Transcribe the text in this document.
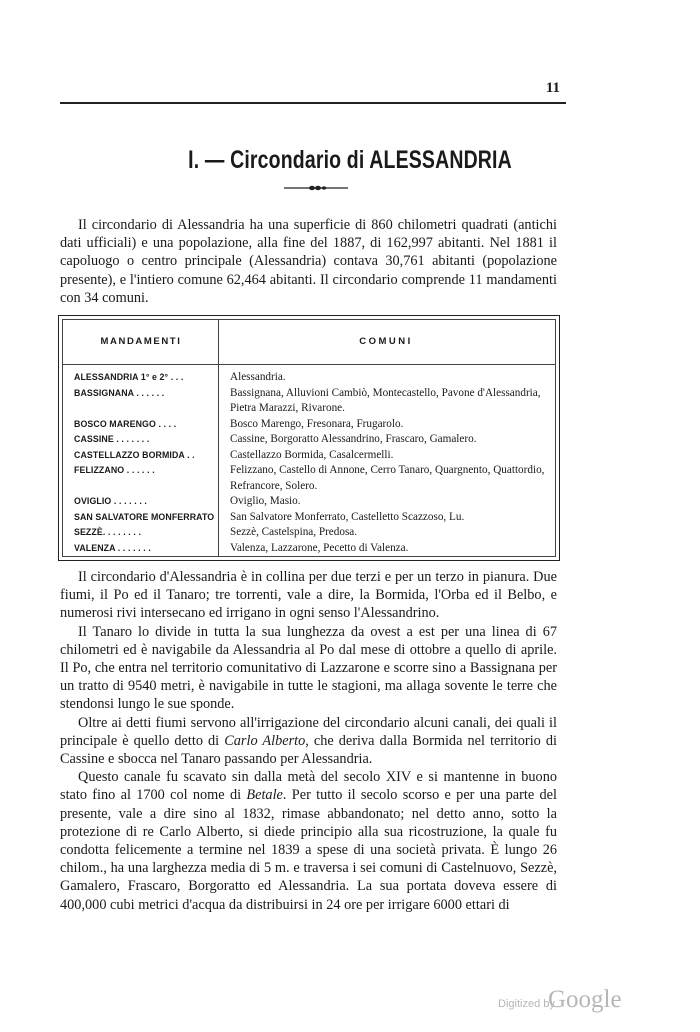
11
I. — Circondario di ALESSANDRIA

Il circondario di Alessandria ha una superficie di 860 chilometri quadrati (antichi dati ufficiali) e una popolazione, alla fine del 1887, di 162,997 abitanti. Nel 1881 il capoluogo o centro principale (Alessandria) contava 30,761 abitanti (popolazione presente), e l'intiero comune 62,464 abitanti. Il circondario comprende 11 mandamenti con 34 comuni.

MANDAMENTI	COMUNI
ALESSANDRIA 1° e 2° . . .	Alessandria.
BASSIGNANA . . . . . .	Bassignana, Alluvioni Cambiò, Montecastello, Pavone d'Alessandria, Pietra Marazzi, Rivarone.
BOSCO MARENGO . . . .	Bosco Marengo, Fresonara, Frugarolo.
CASSINE . . . . . . .	Cassine, Borgoratto Alessandrino, Frascaro, Gamalero.
CASTELLAZZO BORMIDA . .	Castellazzo Bormida, Casalcermelli.
FELIZZANO . . . . . .	Felizzano, Castello di Annone, Cerro Tanaro, Quargnento, Quattordio, Refrancore, Solero.
OVIGLIO . . . . . . .	Oviglio, Masio.
SAN SALVATORE MONFERRATO	San Salvatore Monferrato, Castelletto Scazzoso, Lu.
SEZZÈ. . . . . . . .	Sezzè, Castelspina, Predosa.
VALENZA . . . . . . .	Valenza, Lazzarone, Pecetto di Valenza.

Il circondario d'Alessandria è in collina per due terzi e per un terzo in pianura. Due fiumi, il Po ed il Tanaro; tre torrenti, vale a dire, la Bormida, l'Orba ed il Belbo, e numerosi rivi intersecano ed irrigano in ogni senso l'Alessandrino.

Il Tanaro lo divide in tutta la sua lunghezza da ovest a est per una linea di 67 chilometri ed è navigabile da Alessandria al Po dal mese di ottobre a quello di aprile. Il Po, che entra nel territorio comunitativo di Lazzarone e scorre sino a Bassignana per un tratto di 9540 metri, è navigabile in tutte le stagioni, ma allaga sovente le terre che stendonsi lungo le sue sponde.

Oltre ai detti fiumi servono all'irrigazione del circondario alcuni canali, dei quali il principale è quello detto di Carlo Alberto, che deriva dalla Bormida nel territorio di Cassine e sbocca nel Tanaro passando per Alessandria.

Questo canale fu scavato sin dalla metà del secolo XIV e si mantenne in buono stato fino al 1700 col nome di Betale. Per tutto il secolo scorso e per una parte del presente, vale a dire sino al 1832, rimase abbandonato; nel detto anno, sotto la protezione di re Carlo Alberto, si diede principio alla sua ricostruzione, la quale fu condotta felicemente a termine nel 1839 a spese di una società privata. È lungo 26 chilom., ha una larghezza media di 5 m. e traversa i sei comuni di Castelnuovo, Sezzè, Gamalero, Frascaro, Borgoratto ed Alessandria. La sua portata doveva essere di 400,000 cubi metrici d'acqua da distribuirsi in 24 ore per irrigare 6000 ettari di

Digitized by
Google
